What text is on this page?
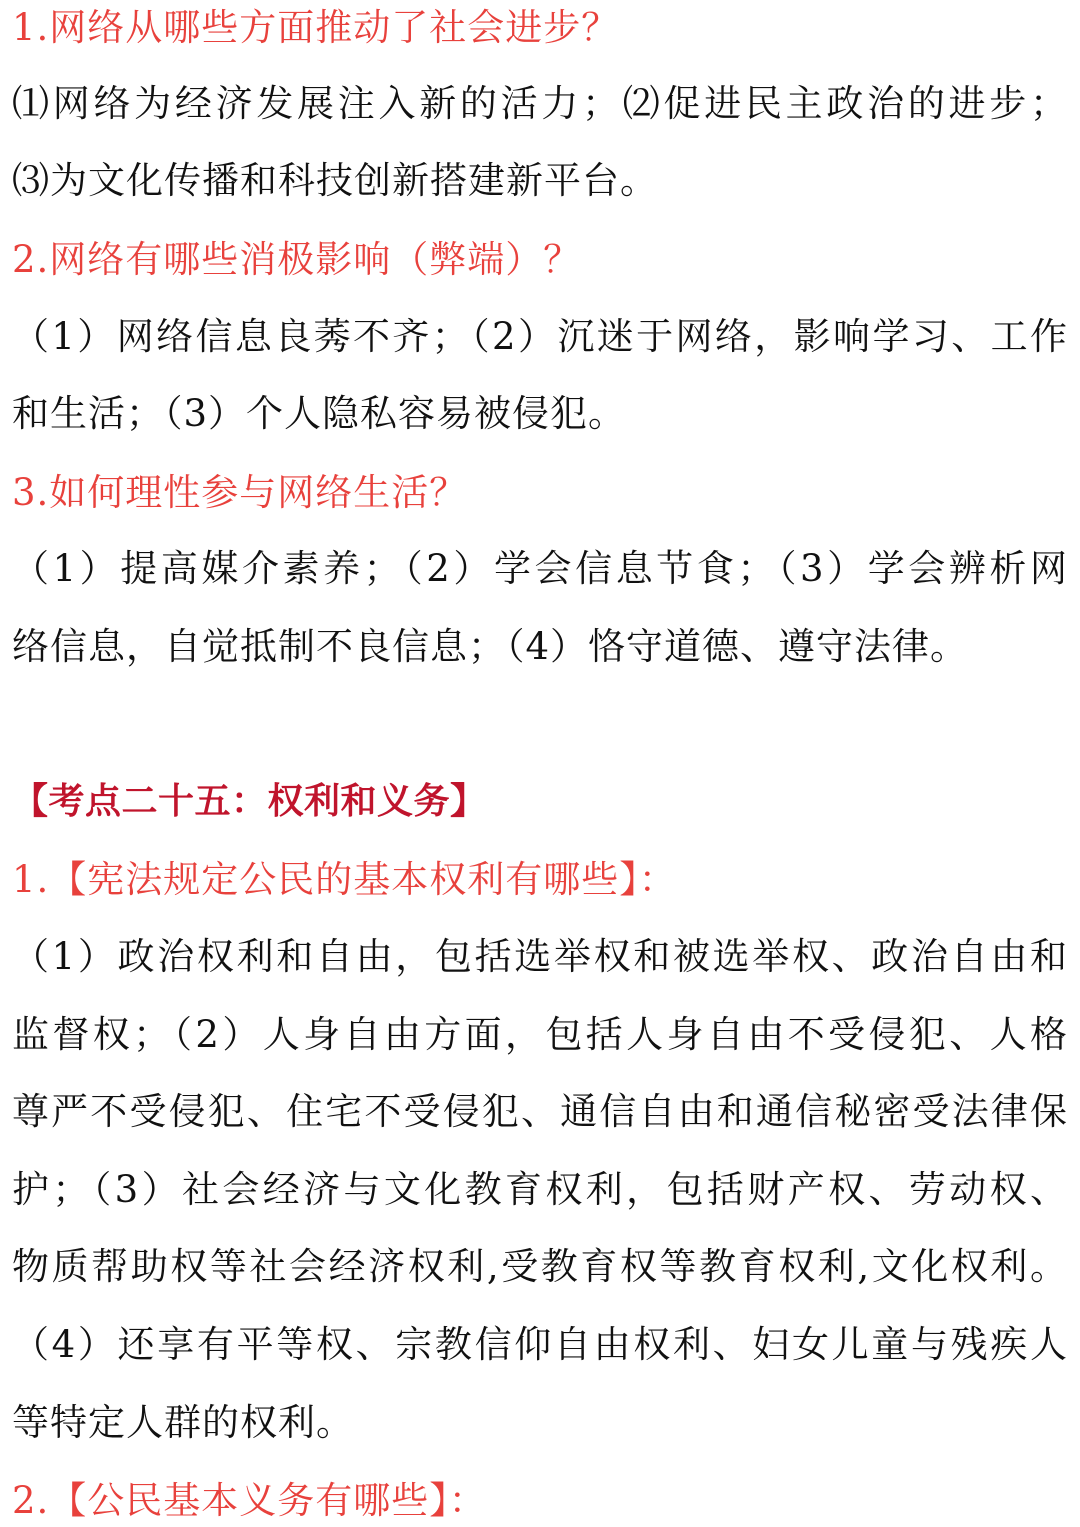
1.网络从哪些方面推动了社会进步？
⑴网络为经济发展注入新的活力；⑵促进民主政治的进步；
⑶为文化传播和科技创新搭建新平台。
2.网络有哪些消极影响（弊端）？
（1）网络信息良莠不齐；（2）沉迷于网络，影响学习、工作
和生活；（3）个人隐私容易被侵犯。
3.如何理性参与网络生活？
（1）提高媒介素养；（2）学会信息节食；（3）学会辨析网
络信息，自觉抵制不良信息；（4）恪守道德、遵守法律。
【考点二十五：权利和义务】
1.【宪法规定公民的基本权利有哪些】：
（1）政治权利和自由，包括选举权和被选举权、政治自由和
监督权；（2）人身自由方面，包括人身自由不受侵犯、人格
尊严不受侵犯、住宅不受侵犯、通信自由和通信秘密受法律保
护；（3）社会经济与文化教育权利，包括财产权、劳动权、
物质帮助权等社会经济权利,受教育权等教育权利,文化权利。
（4）还享有平等权、宗教信仰自由权利、妇女儿童与残疾人
等特定人群的权利。
2.【公民基本义务有哪些】：
